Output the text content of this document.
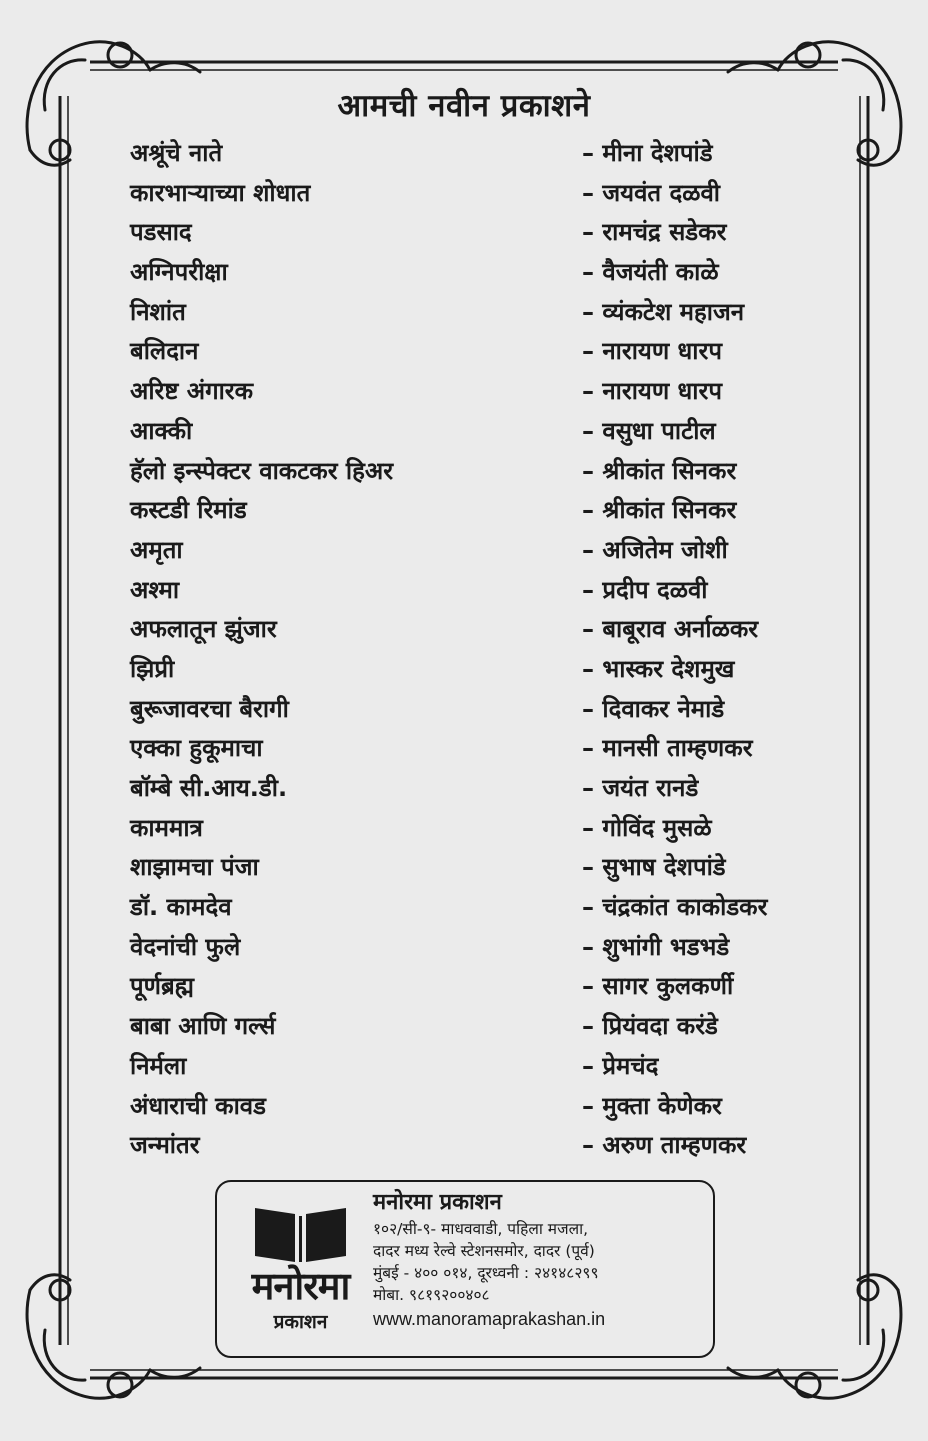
आमची नवीन प्रकाशने
अश्रूंचे नाते	– मीना देशपांडे
कारभाऱ्याच्या शोधात	– जयवंत दळवी
पडसाद	– रामचंद्र सडेकर
अग्निपरीक्षा	– वैजयंती काळे
निशांत	– व्यंकटेश महाजन
बलिदान	– नारायण धारप
अरिष्ट अंगारक	– नारायण धारप
आक्की	– वसुधा पाटील
हॅलो इन्स्पेक्टर वाकटकर हिअर	– श्रीकांत सिनकर
कस्टडी रिमांड	– श्रीकांत सिनकर
अमृता	– अजितेम जोशी
अश्मा	– प्रदीप दळवी
अफलातून झुंजार	– बाबूराव अर्नाळकर
झिप्री	– भास्कर देशमुख
बुरूजावरचा बैरागी	– दिवाकर नेमाडे
एक्का हुकूमाचा	– मानसी ताम्हणकर
बॉम्बे सी.आय.डी.	– जयंत रानडे
काममात्र	– गोविंद मुसळे
शाझामचा पंजा	– सुभाष देशपांडे
डॉ. कामदेव	– चंद्रकांत काकोडकर
वेदनांची फुले	– शुभांगी भडभडे
पूर्णब्रह्म	– सागर कुलकर्णी
बाबा आणि गर्ल्स	– प्रियंवदा करंडे
निर्मला	– प्रेमचंद
अंधाराची कावड	– मुक्ता केणेकर
जन्मांतर	– अरुण ताम्हणकर
मनोरमा
प्रकाशन
मनोरमा प्रकाशन
१०२/सी-९- माधववाडी, पहिला मजला,
दादर मध्य रेल्वे स्टेशनसमोर, दादर (पूर्व)
मुंबई - ४०० ०१४, दूरध्वनी : २४१४८२९९
मोबा. ९८१९२००४०८
www.manoramaprakashan.in
